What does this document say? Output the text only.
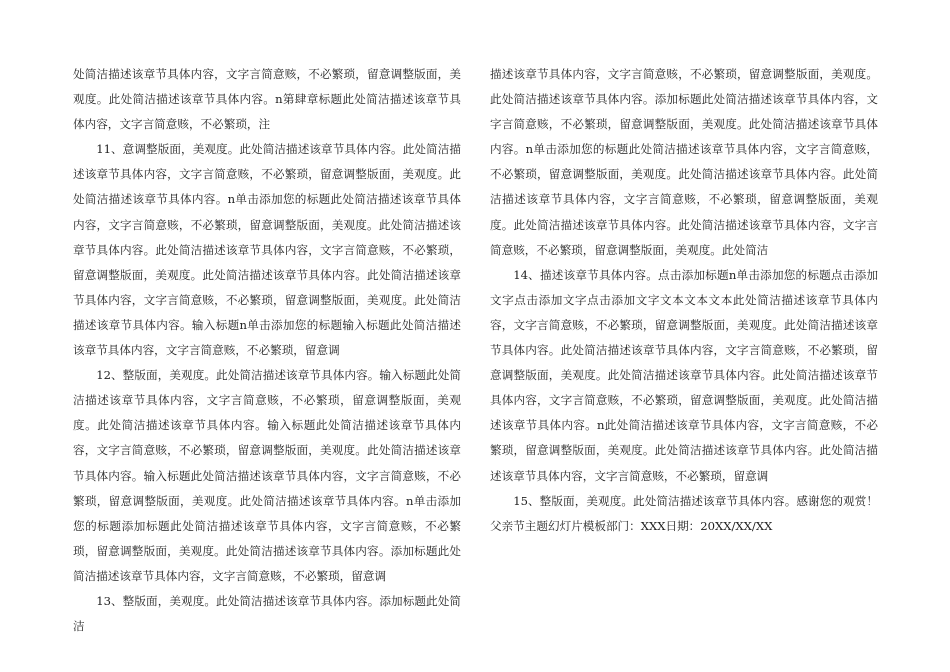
处简洁描述该章节具体内容，文字言简意赅，不必繁琐，留意调整版面，美观度。此处简洁描述该章节具体内容。n第肆章标题此处简洁描述该章节具体内容，文字言简意赅，不必繁琐，注

11、意调整版面，美观度。此处简洁描述该章节具体内容。此处简洁描述该章节具体内容，文字言简意赅，不必繁琐，留意调整版面，美观度。此处简洁描述该章节具体内容。n单击添加您的标题此处简洁描述该章节具体内容，文字言简意赅，不必繁琐，留意调整版面，美观度。此处简洁描述该章节具体内容。此处简洁描述该章节具体内容，文字言简意赅，不必繁琐，留意调整版面，美观度。此处简洁描述该章节具体内容。此处简洁描述该章节具体内容，文字言简意赅，不必繁琐，留意调整版面，美观度。此处简洁描述该章节具体内容。输入标题n单击添加您的标题输入标题此处简洁描述该章节具体内容，文字言简意赅，不必繁琐，留意调

12、整版面，美观度。此处简洁描述该章节具体内容。输入标题此处简洁描述该章节具体内容，文字言简意赅，不必繁琐，留意调整版面，美观度。此处简洁描述该章节具体内容。输入标题此处简洁描述该章节具体内容，文字言简意赅，不必繁琐，留意调整版面，美观度。此处简洁描述该章节具体内容。输入标题此处简洁描述该章节具体内容，文字言简意赅，不必繁琐，留意调整版面，美观度。此处简洁描述该章节具体内容。n单击添加您的标题添加标题此处简洁描述该章节具体内容，文字言简意赅，不必繁琐，留意调整版面，美观度。此处简洁描述该章节具体内容。添加标题此处简洁描述该章节具体内容，文字言简意赅，不必繁琐，留意调

13、整版面，美观度。此处简洁描述该章节具体内容。添加标题此处简洁

描述该章节具体内容，文字言简意赅，不必繁琐，留意调整版面，美观度。此处简洁描述该章节具体内容。添加标题此处简洁描述该章节具体内容，文字言简意赅，不必繁琐，留意调整版面，美观度。此处简洁描述该章节具体内容。n单击添加您的标题此处简洁描述该章节具体内容，文字言简意赅，不必繁琐，留意调整版面，美观度。此处简洁描述该章节具体内容。此处简洁描述该章节具体内容，文字言简意赅，不必繁琐，留意调整版面，美观度。此处简洁描述该章节具体内容。此处简洁描述该章节具体内容，文字言简意赅，不必繁琐，留意调整版面，美观度。此处简洁

14、描述该章节具体内容。点击添加标题n单击添加您的标题点击添加文字点击添加文字点击添加文字文本文本文本此处简洁描述该章节具体内容，文字言简意赅，不必繁琐，留意调整版面，美观度。此处简洁描述该章节具体内容。此处简洁描述该章节具体内容，文字言简意赅，不必繁琐，留意调整版面，美观度。此处简洁描述该章节具体内容。此处简洁描述该章节具体内容，文字言简意赅，不必繁琐，留意调整版面，美观度。此处简洁描述该章节具体内容。n此处简洁描述该章节具体内容，文字言简意赅，不必繁琐，留意调整版面，美观度。此处简洁描述该章节具体内容。此处简洁描述该章节具体内容，文字言简意赅，不必繁琐，留意调

15、整版面，美观度。此处简洁描述该章节具体内容。感谢您的观赏！父亲节主题幻灯片模板部门：XXX日期：20XX/XX/XX
